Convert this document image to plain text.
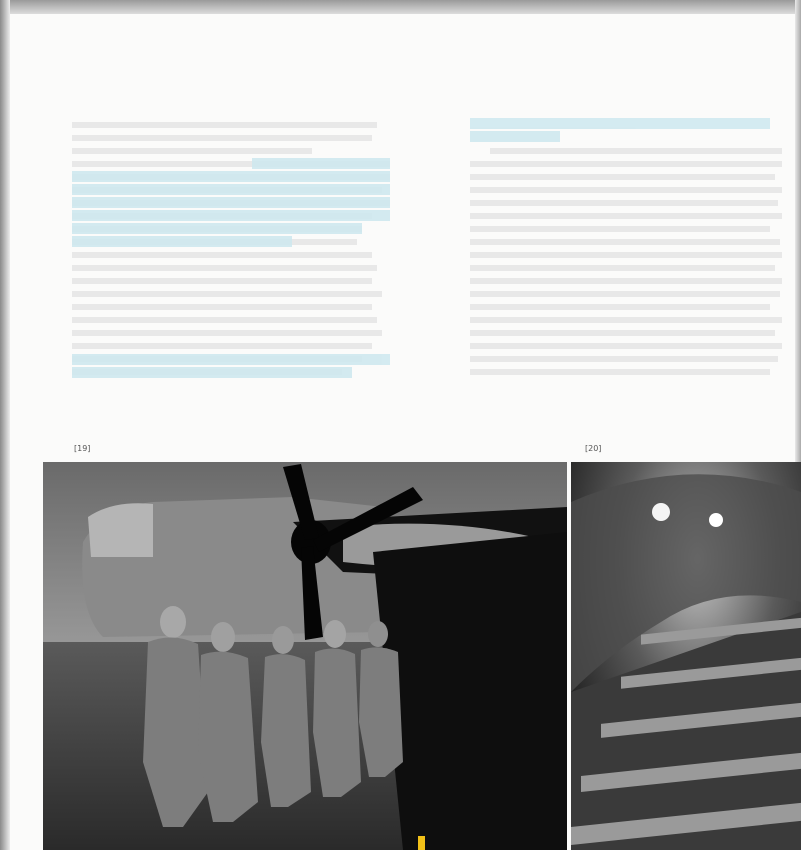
[19]	[20]
